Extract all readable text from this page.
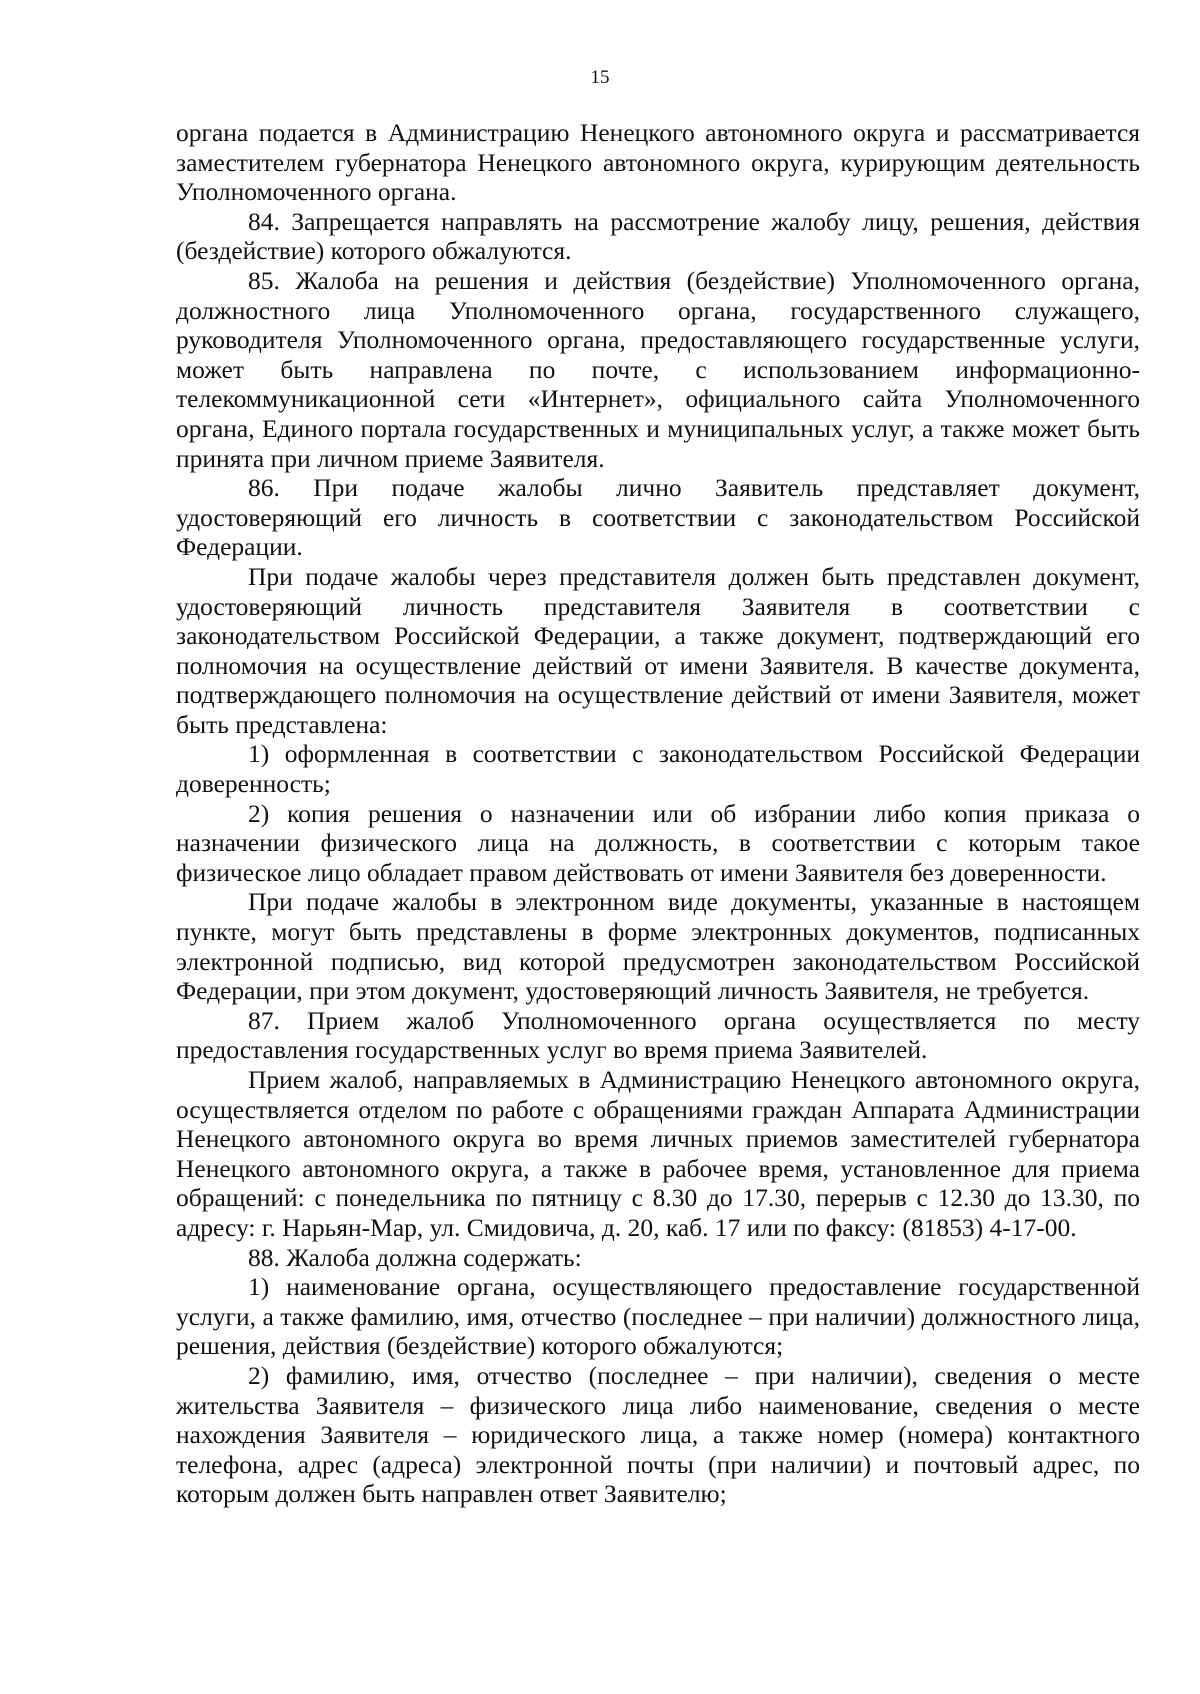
15

органа подается в Администрацию Ненецкого автономного округа и рассматривается заместителем губернатора Ненецкого автономного округа, курирующим деятельность Уполномоченного органа.

84. Запрещается направлять на рассмотрение жалобу лицу, решения, действия (бездействие) которого обжалуются.

85. Жалоба на решения и действия (бездействие) Уполномоченного органа, должностного лица Уполномоченного органа, государственного служащего, руководителя Уполномоченного органа, предоставляющего государственные услуги, может быть направлена по почте, с использованием информационно-телекоммуникационной сети «Интернет», официального сайта Уполномоченного органа, Единого портала государственных и муниципальных услуг, а также может быть принята при личном приеме Заявителя.

86. При подаче жалобы лично Заявитель представляет документ, удостоверяющий его личность в соответствии с законодательством Российской Федерации.

При подаче жалобы через представителя должен быть представлен документ, удостоверяющий личность представителя Заявителя в соответствии с законодательством Российской Федерации, а также документ, подтверждающий его полномочия на осуществление действий от имени Заявителя. В качестве документа, подтверждающего полномочия на осуществление действий от имени Заявителя, может быть представлена:

1) оформленная в соответствии с законодательством Российской Федерации доверенность;

2) копия решения о назначении или об избрании либо копия приказа о назначении физического лица на должность, в соответствии с которым такое физическое лицо обладает правом действовать от имени Заявителя без доверенности.

При подаче жалобы в электронном виде документы, указанные в настоящем пункте, могут быть представлены в форме электронных документов, подписанных электронной подписью, вид которой предусмотрен законодательством Российской Федерации, при этом документ, удостоверяющий личность Заявителя, не требуется.

87. Прием жалоб Уполномоченного органа осуществляется по месту предоставления государственных услуг во время приема Заявителей.

Прием жалоб, направляемых в Администрацию Ненецкого автономного округа, осуществляется отделом по работе с обращениями граждан Аппарата Администрации Ненецкого автономного округа во время личных приемов заместителей губернатора Ненецкого автономного округа, а также в рабочее время, установленное для приема обращений: с понедельника по пятницу с 8.30 до 17.30, перерыв с 12.30 до 13.30, по адресу: г. Нарьян-Мар, ул. Смидовича, д. 20, каб. 17 или по факсу: (81853) 4-17-00.

88. Жалоба должна содержать:

1) наименование органа, осуществляющего предоставление государственной услуги, а также фамилию, имя, отчество (последнее – при наличии) должностного лица, решения, действия (бездействие) которого обжалуются;

2) фамилию, имя, отчество (последнее – при наличии), сведения о месте жительства Заявителя – физического лица либо наименование, сведения о месте нахождения Заявителя – юридического лица, а также номер (номера) контактного телефона, адрес (адреса) электронной почты (при наличии) и почтовый адрес, по которым должен быть направлен ответ Заявителю;
